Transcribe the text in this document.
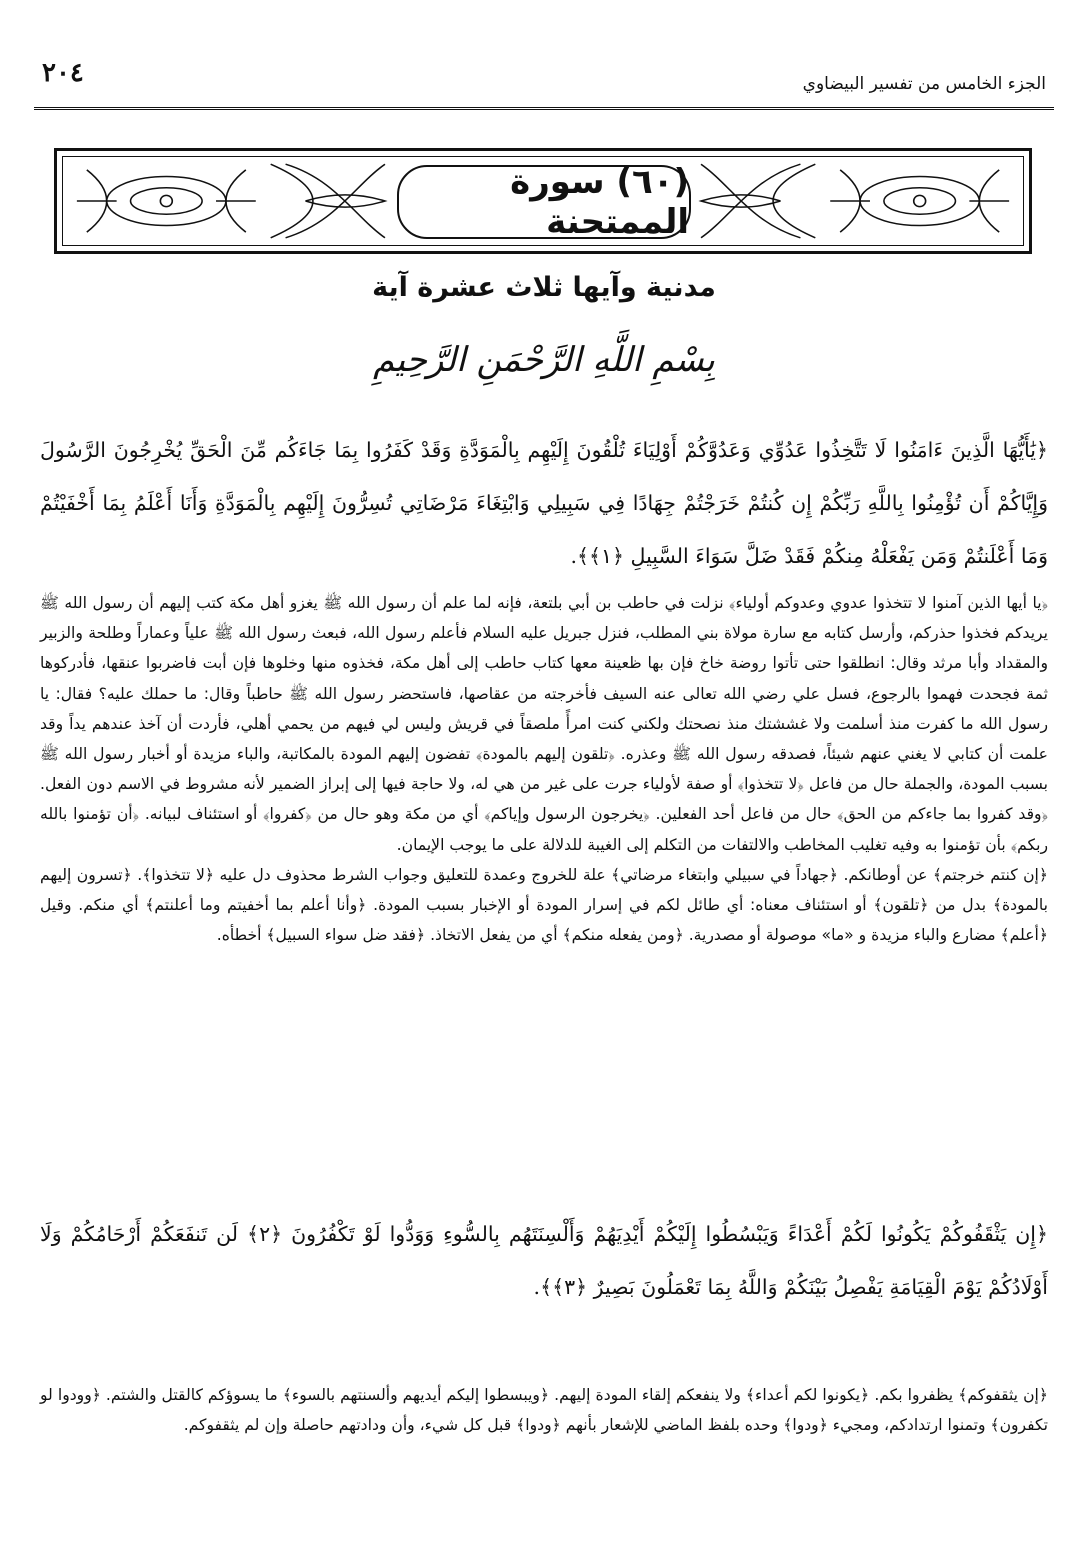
٢٠٤	الجزء الخامس من تفسير البيضاوي
(٦٠) سورة الممتحنة
مدنية وآيها ثلاث عشرة آية
بِسْمِ اللَّهِ الرَّحْمَنِ الرَّحِيمِ
﴿يَٰأَيُّهَا الَّذِينَ ءَامَنُوا لَا تَتَّخِذُوا عَدُوِّي وَعَدُوَّكُمْ أَوْلِيَاءَ تُلْقُونَ إِلَيْهِم بِالْمَوَدَّةِ وَقَدْ كَفَرُوا بِمَا جَاءَكُم مِّنَ الْحَقِّ يُخْرِجُونَ الرَّسُولَ وَإِيَّاكُمْ أَن تُؤْمِنُوا بِاللَّهِ رَبِّكُمْ إِن كُنتُمْ خَرَجْتُمْ جِهَادًا فِي سَبِيلِي وَابْتِغَاءَ مَرْضَاتِي تُسِرُّونَ إِلَيْهِم بِالْمَوَدَّةِ وَأَنَا أَعْلَمُ بِمَا أَخْفَيْتُمْ وَمَا أَعْلَنتُمْ وَمَن يَفْعَلْهُ مِنكُمْ فَقَدْ ضَلَّ سَوَاءَ السَّبِيلِ ﴿١﴾﴾.

﴿يا أيها الذين آمنوا لا تتخذوا عدوي وعدوكم أولياء﴾ نزلت في حاطب بن أبي بلتعة، فإنه لما علم أن رسول الله ﷺ يغزو أهل مكة كتب إليهم أن رسول الله ﷺ يريدكم فخذوا حذركم، وأرسل كتابه مع سارة مولاة بني المطلب، فنزل جبريل عليه السلام فأعلم رسول الله، فبعث رسول الله ﷺ علياً وعماراً وطلحة والزبير والمقداد وأبا مرثد وقال: انطلقوا حتى تأتوا روضة خاخ فإن بها ظعينة معها كتاب حاطب إلى أهل مكة، فخذوه منها وخلوها فإن أبت فاضربوا عنقها، فأدركوها ثمة فجحدت فهموا بالرجوع، فسل علي رضي الله تعالى عنه السيف فأخرجته من عقاصها، فاستحضر رسول الله ﷺ حاطباً وقال: ما حملك عليه؟ فقال: يا رسول الله ما كفرت منذ أسلمت ولا غششتك منذ نصحتك ولكني كنت امرأً ملصقاً في قريش وليس لي فيهم من يحمي أهلي، فأردت أن آخذ عندهم يداً وقد علمت أن كتابي لا يغني عنهم شيئاً، فصدقه رسول الله ﷺ وعذره. ﴿تلقون إليهم بالمودة﴾ تفضون إليهم المودة بالمكاتبة، والباء مزيدة أو أخبار رسول الله ﷺ بسبب المودة، والجملة حال من فاعل ﴿لا تتخذوا﴾ أو صفة لأولياء جرت على غير من هي له، ولا حاجة فيها إلى إبراز الضمير لأنه مشروط في الاسم دون الفعل. ﴿وقد كفروا بما جاءكم من الحق﴾ حال من فاعل أحد الفعلين. ﴿يخرجون الرسول وإياكم﴾ أي من مكة وهو حال من ﴿كفروا﴾ أو استئناف لبيانه. ﴿أن تؤمنوا بالله ربكم﴾ بأن تؤمنوا به وفيه تغليب المخاطب والالتفات من التكلم إلى الغيبة للدلالة على ما يوجب الإيمان.

﴿إن كنتم خرجتم﴾ عن أوطانكم. ﴿جهاداً في سبيلي وابتغاء مرضاتي﴾ علة للخروج وعمدة للتعليق وجواب الشرط محذوف دل عليه ﴿لا تتخذوا﴾. ﴿تسرون إليهم بالمودة﴾ بدل من ﴿تلقون﴾ أو استئناف معناه: أي طائل لكم في إسرار المودة أو الإخبار بسبب المودة. ﴿وأنا أعلم بما أخفيتم وما أعلنتم﴾ أي منكم. وقيل ﴿أعلم﴾ مضارع والباء مزيدة و «ما» موصولة أو مصدرية. ﴿ومن يفعله منكم﴾ أي من يفعل الاتخاذ. ﴿فقد ضل سواء السبيل﴾ أخطأه.

﴿إِن يَثْقَفُوكُمْ يَكُونُوا لَكُمْ أَعْدَاءً وَيَبْسُطُوا إِلَيْكُمْ أَيْدِيَهُمْ وَأَلْسِنَتَهُم بِالسُّوءِ وَوَدُّوا لَوْ تَكْفُرُونَ ﴿٢﴾ لَن تَنفَعَكُمْ أَرْحَامُكُمْ وَلَا أَوْلَادُكُمْ يَوْمَ الْقِيَامَةِ يَفْصِلُ بَيْنَكُمْ وَاللَّهُ بِمَا تَعْمَلُونَ بَصِيرٌ ﴿٣﴾﴾.
﴿إن يثقفوكم﴾ يظفروا بكم. ﴿يكونوا لكم أعداء﴾ ولا ينفعكم إلقاء المودة إليهم. ﴿ويبسطوا إليكم أيديهم وألسنتهم بالسوء﴾ ما يسوؤكم كالقتل والشتم. ﴿وودوا لو تكفرون﴾ وتمنوا ارتدادكم، ومجيء ﴿ودوا﴾ وحده بلفظ الماضي للإشعار بأنهم ﴿ودوا﴾ قبل كل شيء، وأن ودادتهم حاصلة وإن لم يثقفوكم.
